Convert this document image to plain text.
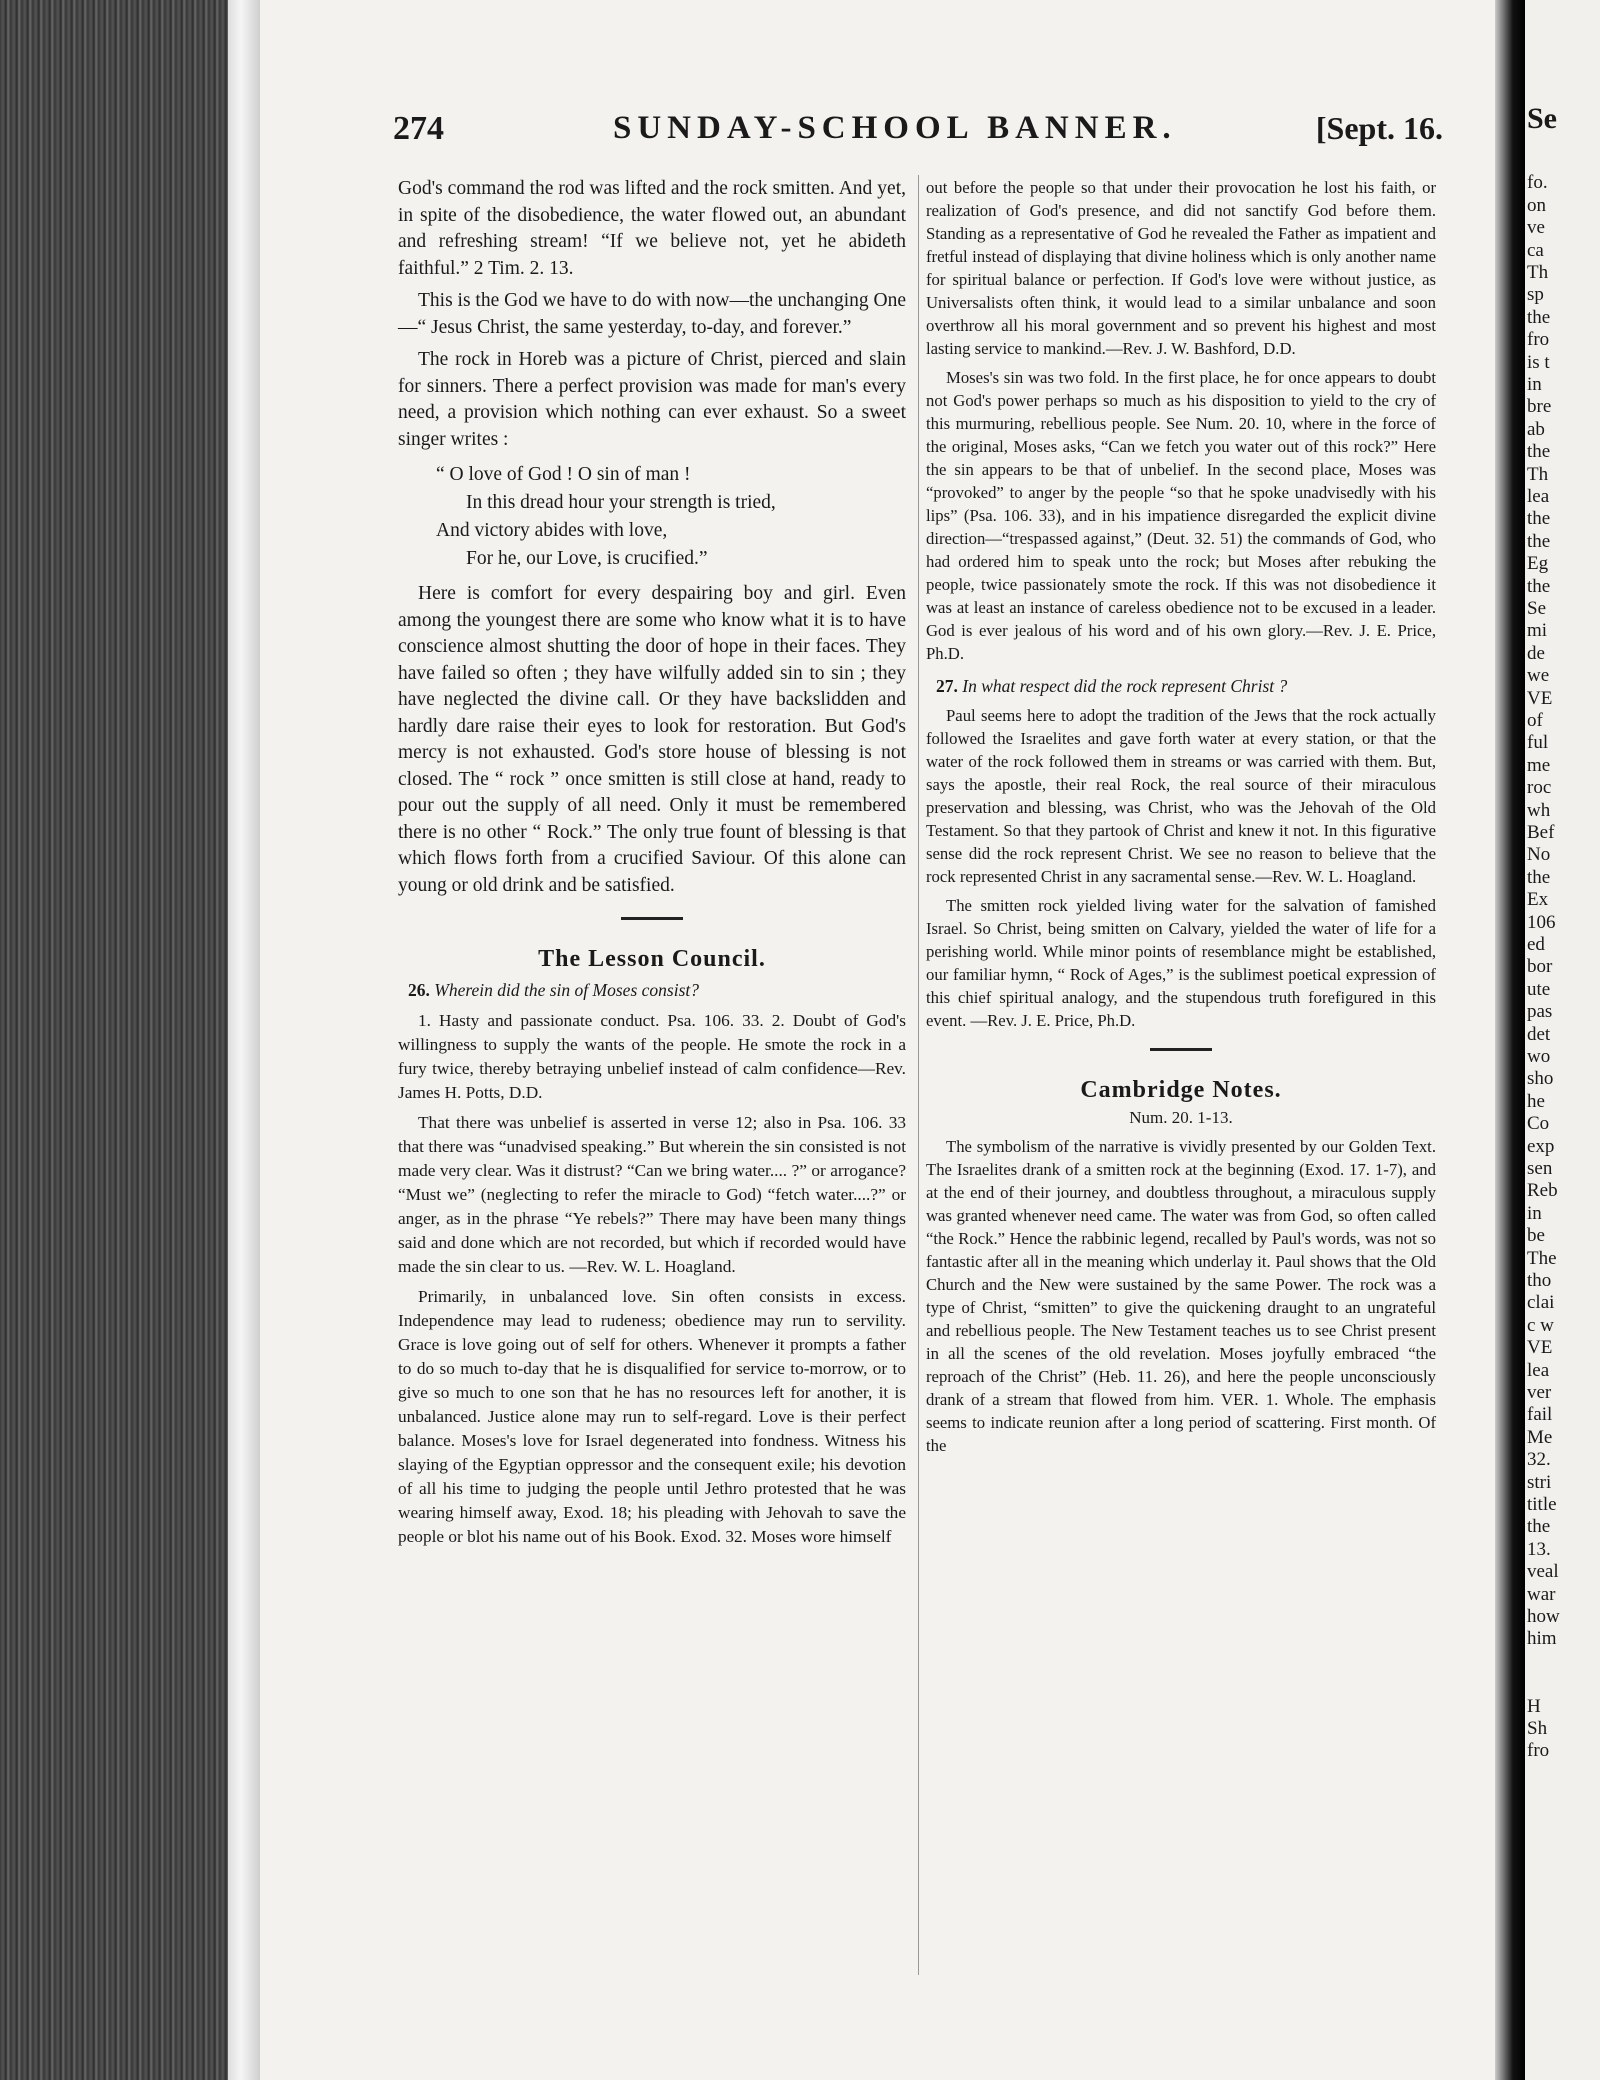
274	SUNDAY-SCHOOL BANNER.	[Sept. 16.

God's command the rod was lifted and the rock smitten. And yet, in spite of the disobedience, the water flowed out, an abundant and refreshing stream! “If we believe not, yet he abideth faithful.” 2 Tim. 2. 13.

This is the God we have to do with now—the unchanging One—“ Jesus Christ, the same yesterday, to-day, and forever.”

The rock in Horeb was a picture of Christ, pierced and slain for sinners. There a perfect provision was made for man's every need, a provision which nothing can ever exhaust. So a sweet singer writes :

“ O love of God ! O sin of man !
In this dread hour your strength is tried,
And victory abides with love,
For he, our Love, is crucified.”

Here is comfort for every despairing boy and girl. Even among the youngest there are some who know what it is to have conscience almost shutting the door of hope in their faces. They have failed so often ; they have wilfully added sin to sin ; they have neglected the divine call. Or they have backslidden and hardly dare raise their eyes to look for restoration. But God's mercy is not exhausted. God's store house of blessing is not closed. The “ rock ” once smitten is still close at hand, ready to pour out the supply of all need. Only it must be remembered there is no other “ Rock.” The only true fount of blessing is that which flows forth from a crucified Saviour. Of this alone can young or old drink and be satisfied.

The Lesson Council.
26. Wherein did the sin of Moses consist?

1. Hasty and passionate conduct. Psa. 106. 33. 2. Doubt of God's willingness to supply the wants of the people. He smote the rock in a fury twice, thereby betraying unbelief instead of calm confidence—Rev. James H. Potts, D.D.

That there was unbelief is asserted in verse 12; also in Psa. 106. 33 that there was “unadvised speaking.” But wherein the sin consisted is not made very clear. Was it distrust? “Can we bring water.... ?” or arrogance? “Must we” (neglecting to refer the miracle to God) “fetch water....?” or anger, as in the phrase “Ye rebels?” There may have been many things said and done which are not recorded, but which if recorded would have made the sin clear to us. —Rev. W. L. Hoagland.

Primarily, in unbalanced love. Sin often consists in excess. Independence may lead to rudeness; obedience may run to servility. Grace is love going out of self for others. Whenever it prompts a father to do so much to-day that he is disqualified for service to-morrow, or to give so much to one son that he has no resources left for another, it is unbalanced. Justice alone may run to self-regard. Love is their perfect balance. Moses's love for Israel degenerated into fondness. Witness his slaying of the Egyptian oppressor and the consequent exile; his devotion of all his time to judging the people until Jethro protested that he was wearing himself away, Exod. 18; his pleading with Jehovah to save the people or blot his name out of his Book. Exod. 32. Moses wore himself

out before the people so that under their provocation he lost his faith, or realization of God's presence, and did not sanctify God before them. Standing as a representative of God he revealed the Father as impatient and fretful instead of displaying that divine holiness which is only another name for spiritual balance or perfection. If God's love were without justice, as Universalists often think, it would lead to a similar unbalance and soon overthrow all his moral government and so prevent his highest and most lasting service to mankind.—Rev. J. W. Bashford, D.D.

Moses's sin was two fold. In the first place, he for once appears to doubt not God's power perhaps so much as his disposition to yield to the cry of this murmuring, rebellious people. See Num. 20. 10, where in the force of the original, Moses asks, “Can we fetch you water out of this rock?” Here the sin appears to be that of unbelief. In the second place, Moses was “provoked” to anger by the people “so that he spoke unadvisedly with his lips” (Psa. 106. 33), and in his impatience disregarded the explicit divine direction—“trespassed against,” (Deut. 32. 51) the commands of God, who had ordered him to speak unto the rock; but Moses after rebuking the people, twice passionately smote the rock. If this was not disobedience it was at least an instance of careless obedience not to be excused in a leader. God is ever jealous of his word and of his own glory.—Rev. J. E. Price, Ph.D.

27. In what respect did the rock represent Christ ?

Paul seems here to adopt the tradition of the Jews that the rock actually followed the Israelites and gave forth water at every station, or that the water of the rock followed them in streams or was carried with them. But, says the apostle, their real Rock, the real source of their miraculous preservation and blessing, was Christ, who was the Jehovah of the Old Testament. So that they partook of Christ and knew it not. In this figurative sense did the rock represent Christ. We see no reason to believe that the rock represented Christ in any sacramental sense.—Rev. W. L. Hoagland.

The smitten rock yielded living water for the salvation of famished Israel. So Christ, being smitten on Calvary, yielded the water of life for a perishing world. While minor points of resemblance might be established, our familiar hymn, “ Rock of Ages,” is the sublimest poetical expression of this chief spiritual analogy, and the stupendous truth forefigured in this event. —Rev. J. E. Price, Ph.D.

Cambridge Notes.
Num. 20. 1-13.

The symbolism of the narrative is vividly presented by our Golden Text. The Israelites drank of a smitten rock at the beginning (Exod. 17. 1-7), and at the end of their journey, and doubtless throughout, a miraculous supply was granted whenever need came. The water was from God, so often called “the Rock.” Hence the rabbinic legend, recalled by Paul's words, was not so fantastic after all in the meaning which underlay it. Paul shows that the Old Church and the New were sustained by the same Power. The rock was a type of Christ, “smitten” to give the quickening draught to an ungrateful and rebellious people. The New Testament teaches us to see Christ present in all the scenes of the old revelation. Moses joyfully embraced “the reproach of the Christ” (Heb. 11. 26), and here the people unconsciously drank of a stream that flowed from him. VER. 1. Whole. The emphasis seems to indicate reunion after a long period of scattering. First month. Of the

Se
fo.
on
ve
ca
Th
sp
the
fro
is t
in
bre
ab
the
Th
lea
the
the
Eg
the
Se
mi
de
we
VE
of
ful
me
roc
wh
Bef
No
the
Ex
106
ed
bor
ute
pas
det
wo
sho
he
Co
exp
sen
Reb
in
be
The
tho
clai
c w
VE
lea
ver
fail
Me
32.
stri
title
the
13.
veal
war
how
him
H
Sh
fro
